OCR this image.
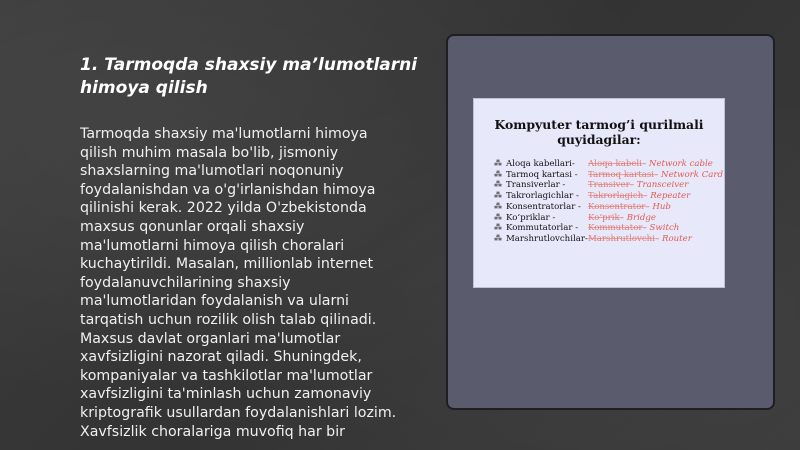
1. Tarmoqda shaxsiy ma’lumotlarni
himoya qilish
Tarmoqda shaxsiy ma'lumotlarni himoya
qilish muhim masala bo'lib, jismoniy
shaxslarning ma'lumotlari noqonuniy
foydalanishdan va o'g'irlanishdan himoya
qilinishi kerak. 2022 yilda O'zbekistonda
maxsus qonunlar orqali shaxsiy
ma'lumotlarni himoya qilish choralari
kuchaytirildi. Masalan, millionlab internet
foydalanuvchilarining shaxsiy
ma'lumotlaridan foydalanish va ularni
tarqatish uchun rozilik olish talab qilinadi.
Maxsus davlat organlari ma'lumotlar
xavfsizligini nazorat qiladi. Shuningdek,
kompaniyalar va tashkilotlar ma'lumotlar
xavfsizligini ta'minlash uchun zamonaviy
kriptografik usullardan foydalanishlari lozim.
Xavfsizlik choralariga muvofiq har bir
Kompyuter tarmog’i qurilmali
quyidagilar:
⁂ Aloqa kabellari-	Aloqa kabeli – Network cable
⁂ Tarmoq kartasi -	Tarmoq kartasi – Network Card
⁂ Transiverlar -	Transiver – Transceiver
⁂ Takrorlagichlar -	Takrorlagich – Repeater
⁂ Konsentratorlar - Konsentrator – Hub
⁂ Ko‘priklar -	Ko‘prik – Bridge
⁂ Kommutatorlar -	Kommutator – Switch
⁂ Marshrutlovchilar- Marshrutlovchi – Router
